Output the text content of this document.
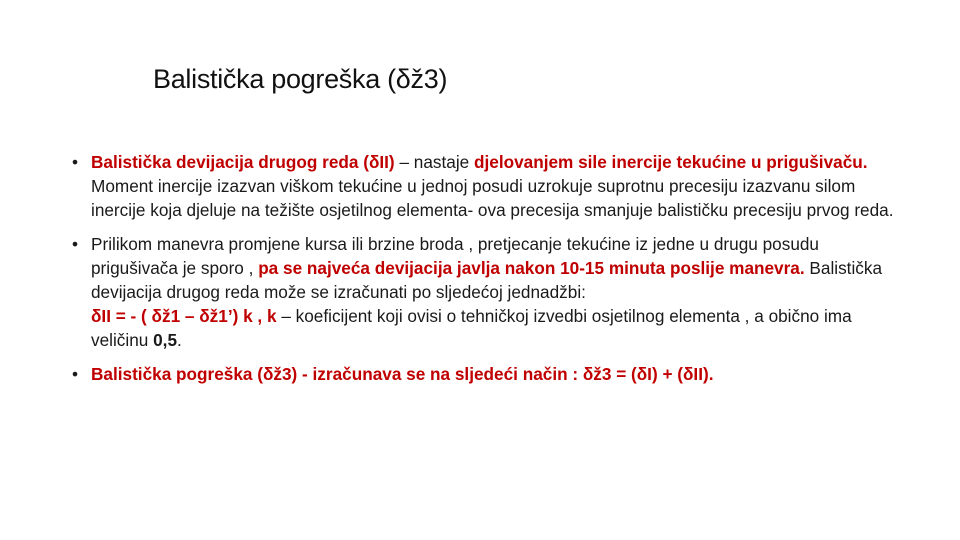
Balistička pogreška (δž3)
• Balistička devijacija drugog reda (δII) – nastaje djelovanjem sile inercije tekućine u prigušivaču. Moment inercije izazvan viškom tekućine u jednoj posudi uzrokuje suprotnu precesiju izazvanu silom inercije koja djeluje na težište osjetilnog elementa- ova precesija smanjuje balističku precesiju prvog reda.
• Prilikom manevra promjene kursa ili brzine broda , pretjecanje tekućine iz jedne u drugu posudu prigušivača je sporo , pa se najveća devijacija javlja nakon 10-15 minuta poslije manevra. Balistička devijacija drugog reda može se izračunati po sljedećoj jednadžbi:
δII = - ( δž1 – δž1’) k , k – koeficijent koji ovisi o tehničkoj izvedbi osjetilnog elementa , a obično ima veličinu 0,5.
• Balistička pogreška (δž3) - izračunava se na sljedeći način : δž3 = (δI) + (δII).
